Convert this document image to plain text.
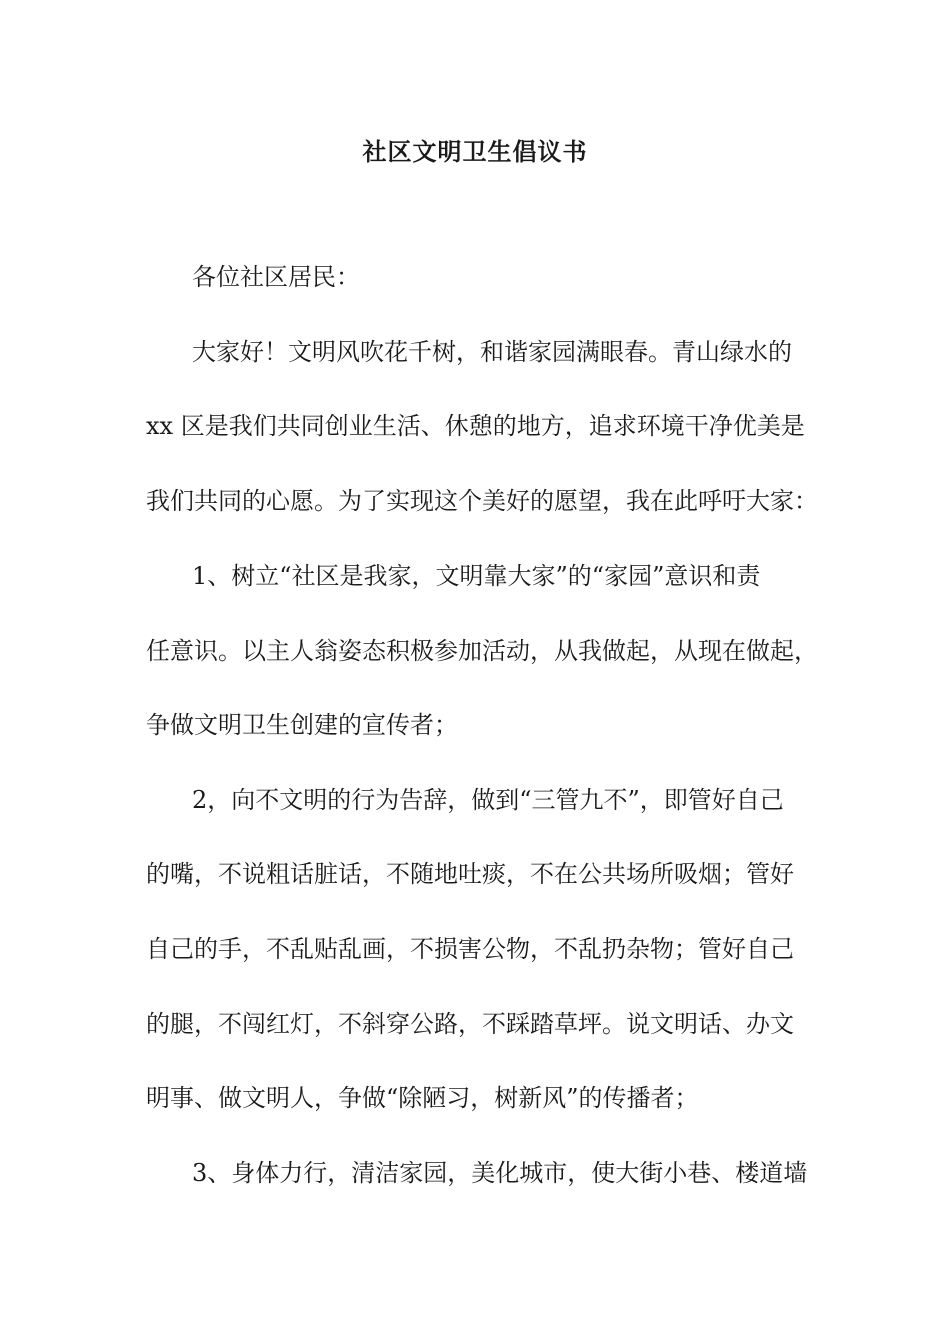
社区文明卫生倡议书
各位社区居民：
大家好！文明风吹花千树，和谐家园满眼春。青山绿水的
xx 区是我们共同创业生活、休憩的地方，追求环境干净优美是
我们共同的心愿。为了实现这个美好的愿望，我在此呼吁大家：
1、树立“社区是我家，文明靠大家”的“家园”意识和责
任意识。以主人翁姿态积极参加活动，从我做起，从现在做起，
争做文明卫生创建的宣传者；
2，向不文明的行为告辞，做到“三管九不”，即管好自己
的嘴，不说粗话脏话，不随地吐痰，不在公共场所吸烟；管好
自己的手，不乱贴乱画，不损害公物，不乱扔杂物；管好自己
的腿，不闯红灯，不斜穿公路，不踩踏草坪。说文明话、办文
明事、做文明人，争做“除陋习，树新风”的传播者；
3、身体力行，清洁家园，美化城市，使大街小巷、楼道墙
